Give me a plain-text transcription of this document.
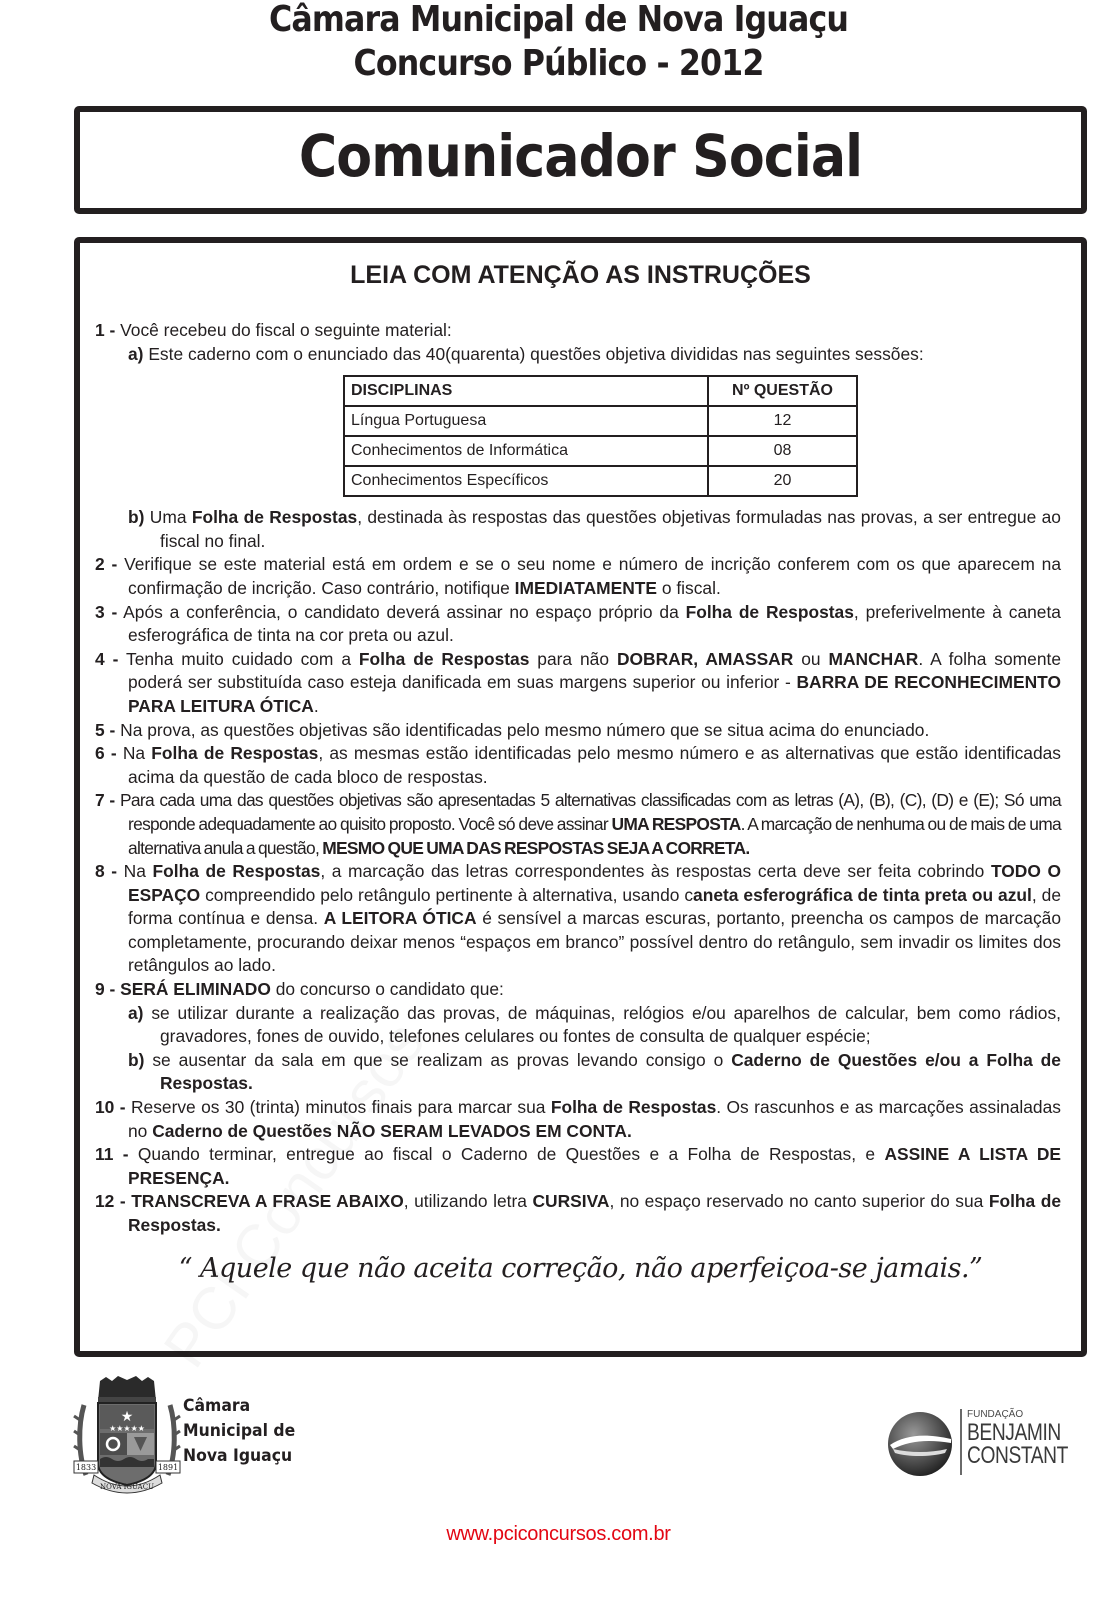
Câmara Municipal de Nova Iguaçu
Concurso Público - 2012
Comunicador Social
LEIA COM ATENÇÃO AS INSTRUÇÕES
1 - Você recebeu do fiscal o seguinte material:
a) Este caderno com o enunciado das 40(quarenta) questões objetiva divididas nas seguintes sessões:
DISCIPLINAS	Nº QUESTÃO
Língua Portuguesa	12
Conhecimentos de Informática	08
Conhecimentos Específicos	20
b) Uma Folha de Respostas, destinada às respostas das questões objetivas formuladas nas provas, a ser entregue ao fiscal no final.
2 - Verifique se este material está em ordem e se o seu nome e número de incrição conferem com os que aparecem na confirmação de incrição. Caso contrário, notifique IMEDIATAMENTE o fiscal.
3 - Após a conferência, o candidato deverá assinar no espaço próprio da Folha de Respostas, preferivelmente à caneta esferográfica de tinta na cor preta ou azul.
4 - Tenha muito cuidado com a Folha de Respostas para não DOBRAR, AMASSAR ou MANCHAR. A folha somente poderá ser substituída caso esteja danificada em suas margens superior ou inferior - BARRA DE RECONHECIMENTO PARA LEITURA ÓTICA.
5 - Na prova, as questões objetivas são identificadas pelo mesmo número que se situa acima do enunciado.
6 - Na Folha de Respostas, as mesmas estão identificadas pelo mesmo número e as alternativas que estão identificadas acima da questão de cada bloco de respostas.
7 - Para cada uma das questões objetivas são apresentadas 5 alternativas classificadas com as letras (A), (B), (C), (D) e (E); Só uma responde adequadamente ao quisito proposto. Você só deve assinar UMA RESPOSTA. A marcação de nenhuma ou de mais de uma alternativa anula a questão, MESMO QUE UMA DAS RESPOSTAS SEJA A CORRETA.
8 - Na Folha de Respostas, a marcação das letras correspondentes às respostas certa deve ser feita cobrindo TODO O ESPAÇO compreendido pelo retângulo pertinente à alternativa, usando caneta esferográfica de tinta preta ou azul, de forma contínua e densa. A LEITORA ÓTICA é sensível a marcas escuras, portanto, preencha os campos de marcação completamente, procurando deixar menos “espaços em branco” possível dentro do retângulo, sem invadir os limites dos retângulos ao lado.
9 - SERÁ ELIMINADO do concurso o candidato que:
a) se utilizar durante a realização das provas, de máquinas, relógios e/ou aparelhos de calcular, bem como rádios, gravadores, fones de ouvido, telefones celulares ou fontes de consulta de qualquer espécie;
b) se ausentar da sala em que se realizam as provas levando consigo o Caderno de Questões e/ou a Folha de Respostas.
10 - Reserve os 30 (trinta) minutos finais para marcar sua Folha de Respostas. Os rascunhos e as marcações assinaladas no Caderno de Questões NÃO SERAM LEVADOS EM CONTA.
11 - Quando terminar, entregue ao fiscal o Caderno de Questões e a Folha de Respostas, e ASSINE A LISTA DE PRESENÇA.
12 - TRANSCREVA A FRASE ABAIXO, utilizando letra CURSIVA, no espaço reservado no canto superior do sua Folha de Respostas.
“ Aquele que não aceita correção, não aperfeiçoa-se jamais.”
★
★★★★★
1833	1891
NOVA IGUAÇU
Câmara
Municipal de
Nova Iguaçu
FUNDAÇÃO
BENJAMIN
CONSTANT
www.pciconcursos.com.br
